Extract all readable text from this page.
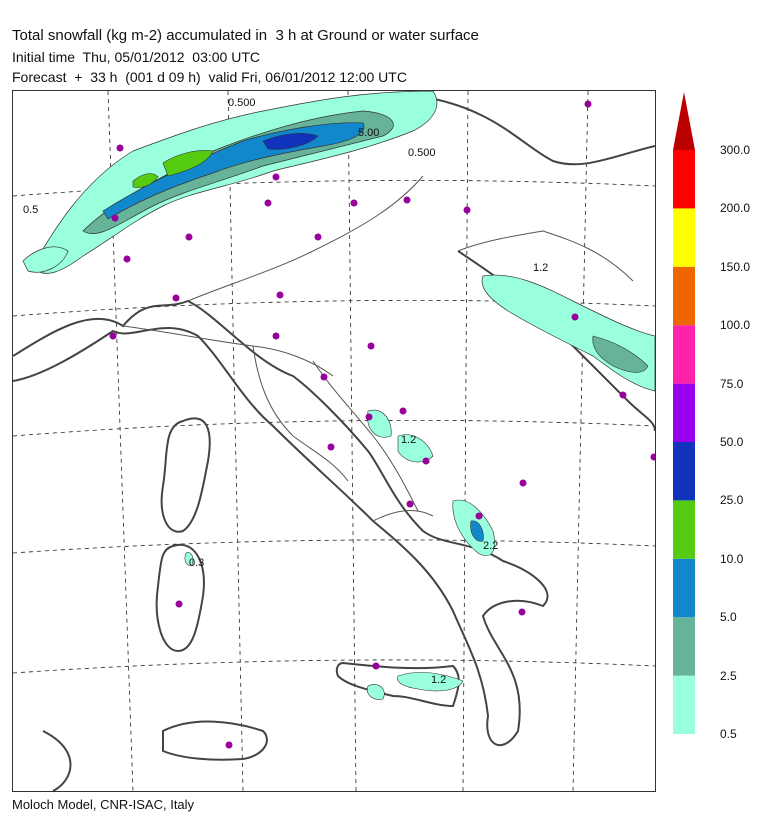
Total snowfall (kg m-2) accumulated in  3 h at Ground or water surface
Initial time  Thu, 05/01/2012  03:00 UTC
Forecast  +  33 h  (001 d 09 h)  valid Fri, 06/01/2012 12:00 UTC
0.500
5.00
0.500
0.5
1.2
1.2
2.2
0.3
1.2
0.5
2.5
5.0
10.0
25.0
50.0
75.0
100.0
150.0
200.0
300.0
Moloch Model, CNR-ISAC, Italy
